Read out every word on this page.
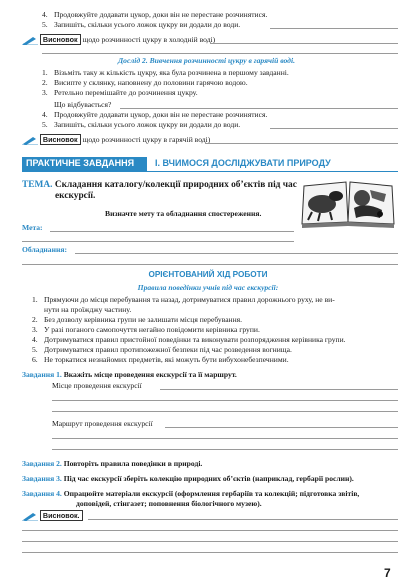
4. Продовжуйте додавати цукор, доки він не перестане розчинятися.
5. Запишіть, скільки усього ложок цукру ви додали до води.
Висновок щодо розчинності цукру в холодній воді)
Дослід 2. Вивчення розчинності цукру в гарячій воді.
1. Візьміть таку ж кількість цукру, яка була розчинена в першому завданні.
2. Висипте у склянку, наповнену до половини гарячою водою.
3. Ретельно перемішайте до розчинення цукру.
Що відбувається?
4. Продовжуйте додавати цукор, доки він не перестане розчинятися.
5. Запишіть, скільки усього ложок цукру ви додали до води.
Висновок щодо розчинності цукру в гарячій воді)
ПРАКТИЧНЕ ЗАВДАННЯ	I. ВЧИМОСЯ ДОСЛІДЖУВАТИ ПРИРОДУ
ТЕМА. Складання каталогу/колекції природних об’єктів під час
екскурсії.
Визначте мету та обладнання спостереження.
Мета:
Обладнання:
ОРІЄНТОВАНИЙ ХІД РОБОТИ
Правила поведінки учнів під час екскурсії:
1. Прямуючи до місця перебування та назад, дотримуватися правил дорожнього руху, не ви-
нути на проїжджу частину.
2. Без дозволу керівника групи не залишати місця перебування.
3. У разі поганого самопочуття негайно повідомити керівника групи.
4. Дотримуватися правил пристойної поведінки та виконувати розпорядження керівника групи.
5. Дотримуватися правил протипожежної безпеки під час розведення вогнища.
6. Не торкатися незнайомих предметів, які можуть бути вибухонебезпечними.
Завдання 1. Вкажіть місце проведення екскурсії та її маршрут.
Місце проведення екскурсії
Маршрут проведення екскурсії
Завдання 2. Повторіть правила поведінки в природі.
Завдання 3. Під час екскурсії зберіть колекцію природних об’єктів (наприклад, гербарії рослин).
Завдання 4. Опрацюйте матеріали екскурсії (оформлення гербаріїв та колекцій; підготовка звітів,
доповідей, стінгазет; поповнення біологічного музею).
Висновок.
7
